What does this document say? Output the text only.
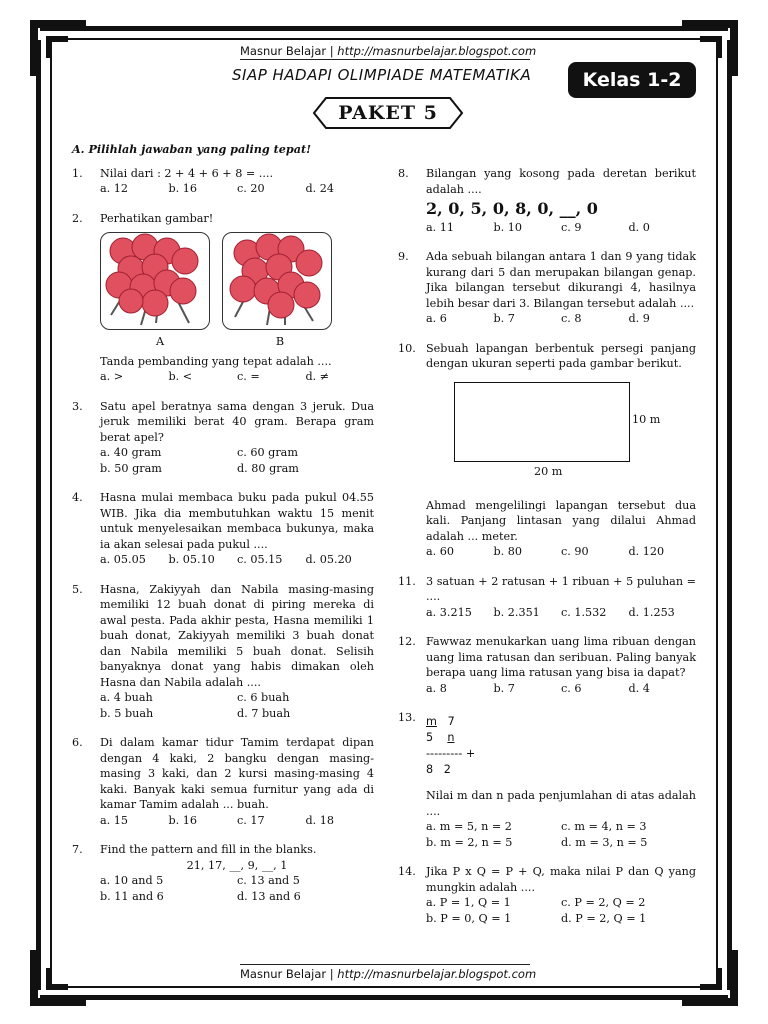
Masnur Belajar | http://masnurbelajar.blogspot.com
SIAP HADAPI OLIMPIADE MATEMATIKA	Kelas 1-2
PAKET 5
A. Pilihlah jawaban yang paling tepat!
1.	Nilai dari : 2 + 4 + 6 + 8 = ....
a. 12	b. 16	c. 20	d. 24
2.	Perhatikan gambar!
A	B
Tanda pembanding yang tepat adalah ....
a. >	b. <	c. =	d. ≠
3.	Satu apel beratnya sama dengan 3 jeruk. Dua jeruk memiliki berat 40 gram. Berapa gram berat apel?
a. 40 gram	c. 60 gram
b. 50 gram	d. 80 gram
4.	Hasna mulai membaca buku pada pukul 04.55 WIB. Jika dia membutuhkan waktu 15 menit untuk menyelesaikan membaca bukunya, maka ia akan selesai pada pukul ....
a. 05.05	b. 05.10	c. 05.15	d. 05.20
5.	Hasna, Zakiyyah dan Nabila masing-masing memiliki 12 buah donat di piring mereka di awal pesta. Pada akhir pesta, Hasna memiliki 1 buah donat, Zakiyyah memiliki 3 buah donat dan Nabila memiliki 5 buah donat. Selisih banyaknya donat yang habis dimakan oleh Hasna dan Nabila adalah ....
a. 4 buah	c. 6 buah
b. 5 buah	d. 7 buah
6.	Di dalam kamar tidur Tamim terdapat dipan dengan 4 kaki, 2 bangku dengan masing-masing 3 kaki, dan 2 kursi masing-masing 4 kaki. Banyak kaki semua furnitur yang ada di kamar Tamim adalah ... buah.
a. 15	b. 16	c. 17	d. 18
7.	Find the pattern and fill in the blanks.
21, 17, __, 9, __, 1
a. 10 and 5	c. 13 and 5
b. 11 and 6	d. 13 and 6
8.	Bilangan yang kosong pada deretan berikut adalah ....
2, 0, 5, 0, 8, 0, __, 0
a. 11	b. 10	c. 9	d. 0
9.	Ada sebuah bilangan antara 1 dan 9 yang tidak kurang dari 5 dan merupakan bilangan genap. Jika bilangan tersebut dikurangi 4, hasilnya lebih besar dari 3. Bilangan tersebut adalah ....
a. 6	b. 7	c. 8	d. 9
10. Sebuah lapangan berbentuk persegi panjang dengan ukuran seperti pada gambar berikut.
10 m
20 m
Ahmad mengelilingi lapangan tersebut dua kali. Panjang lintasan yang dilalui Ahmad adalah ... meter.
a. 60	b. 80	c. 90	d. 120
11. 3 satuan + 2 ratusan + 1 ribuan + 5 puluhan = ....
a. 3.215	b. 2.351	c. 1.532	d. 1.253
12. Fawwaz menukarkan uang lima ribuan dengan uang lima ratusan dan seribuan. Paling banyak berapa uang lima ratusan yang bisa ia dapat?
a. 8	b. 7	c. 6	d. 4
13. m 7
5 n
--------- +
8 2
Nilai m dan n pada penjumlahan di atas adalah ....
a. m = 5, n = 2	c. m = 4, n = 3
b. m = 2, n = 5	d. m = 3, n = 5
14. Jika P x Q = P + Q, maka nilai P dan Q yang mungkin adalah ....
a. P = 1, Q = 1	c. P = 2, Q = 2
b. P = 0, Q = 1	d. P = 2, Q = 1
Masnur Belajar | http://masnurbelajar.blogspot.com
